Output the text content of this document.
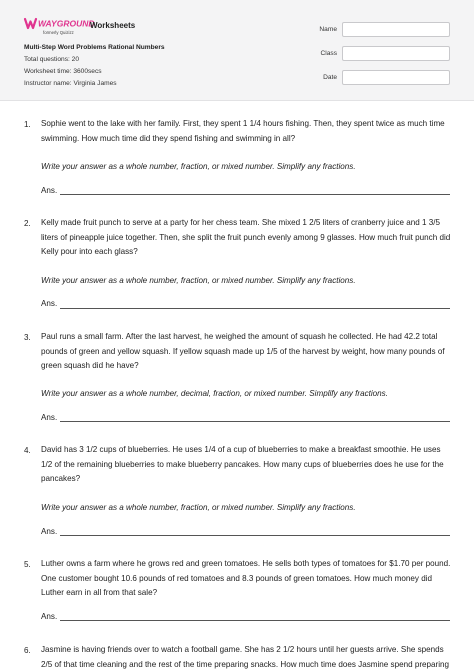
WAYGROUND
formerly Quizizz
Worksheets
Multi-Step Word Problems Rational Numbers
Total questions: 20
Worksheet time: 3600secs
Instructor name: Virginia James
Name
Class
Date
1. Sophie went to the lake with her family. First, they spent 1 1/4 hours fishing. Then, they spent twice as much time swimming. How much time did they spend fishing and swimming in all?
Write your answer as a whole number, fraction, or mixed number. Simplify any fractions.
Ans.
2. Kelly made fruit punch to serve at a party for her chess team. She mixed 1 2/5 liters of cranberry juice and 1 3/5 liters of pineapple juice together. Then, she split the fruit punch evenly among 9 glasses. How much fruit punch did Kelly pour into each glass?
Write your answer as a whole number, fraction, or mixed number. Simplify any fractions.
Ans.
3. Paul runs a small farm. After the last harvest, he weighed the amount of squash he collected. He had 42.2 total pounds of green and yellow squash. If yellow squash made up 1/5 of the harvest by weight, how many pounds of green squash did he have?
Write your answer as a whole number, decimal, fraction, or mixed number. Simplify any fractions.
Ans.
4. David has 3 1/2 cups of blueberries. He uses 1/4 of a cup of blueberries to make a breakfast smoothie. He uses 1/2 of the remaining blueberries to make blueberry pancakes. How many cups of blueberries does he use for the pancakes?
Write your answer as a whole number, fraction, or mixed number. Simplify any fractions.
Ans.
5. Luther owns a farm where he grows red and green tomatoes. He sells both types of tomatoes for $1.70 per pound. One customer bought 10.6 pounds of red tomatoes and 8.3 pounds of green tomatoes. How much money did Luther earn in all from that sale?
Ans.
6. Jasmine is having friends over to watch a football game. She has 2 1/2 hours until her guests arrive. She spends 2/5 of that time cleaning and the rest of the time preparing snacks. How much time does Jasmine spend preparing
